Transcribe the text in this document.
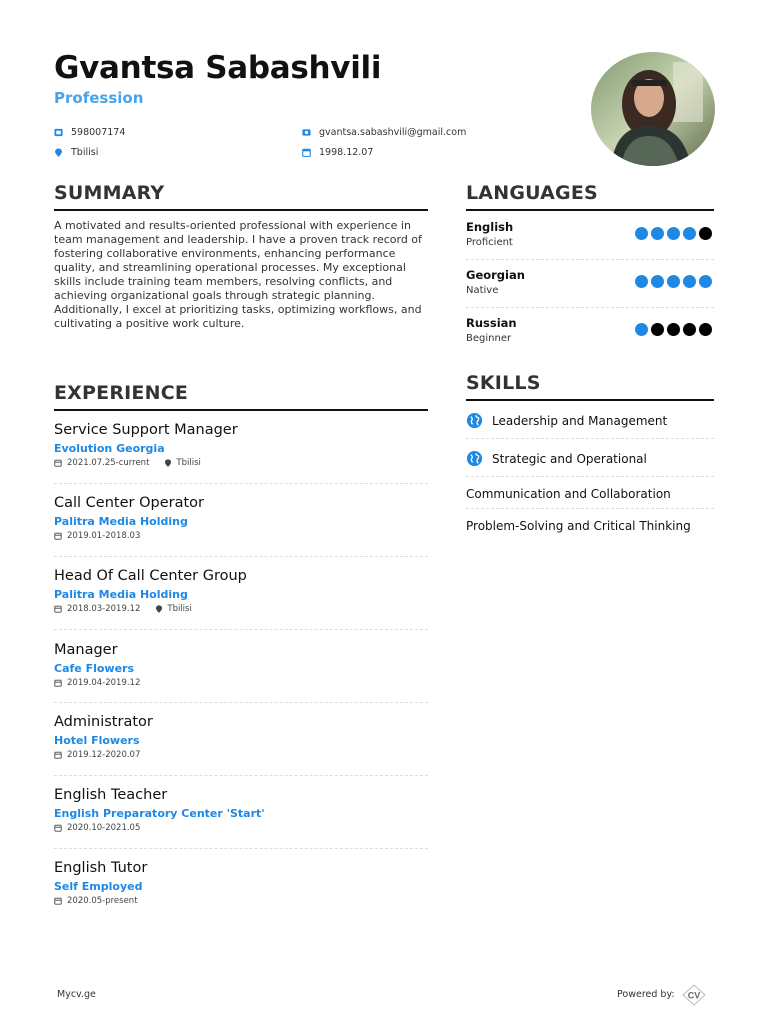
Gvantsa Sabashvili
Profession
598007174	gvantsa.sabashvili@gmail.com
Tbilisi	1998.12.07
SUMMARY
A motivated and results-oriented professional with experience in team management and leadership. I have a proven track record of fostering collaborative environments, enhancing performance quality, and streamlining operational processes. My exceptional skills include training team members, resolving conflicts, and achieving organizational goals through strategic planning. Additionally, I excel at prioritizing tasks, optimizing workflows, and cultivating a positive work culture.
EXPERIENCE
Service Support Manager
Evolution Georgia
2021.07.25-current	Tbilisi
Call Center Operator
Palitra Media Holding
2019.01-2018.03
Head Of Call Center Group
Palitra Media Holding
2018.03-2019.12	Tbilisi
Manager
Cafe Flowers
2019.04-2019.12
Administrator
Hotel Flowers
2019.12-2020.07
English Teacher
English Preparatory Center 'Start'
2020.10-2021.05
English Tutor
Self Employed
2020.05-present
LANGUAGES
English
Proficient
Georgian
Native
Russian
Beginner
SKILLS
Leadership and Management
Strategic and Operational
Communication and Collaboration
Problem-Solving and Critical Thinking
Mycv.ge	Powered by: CV
